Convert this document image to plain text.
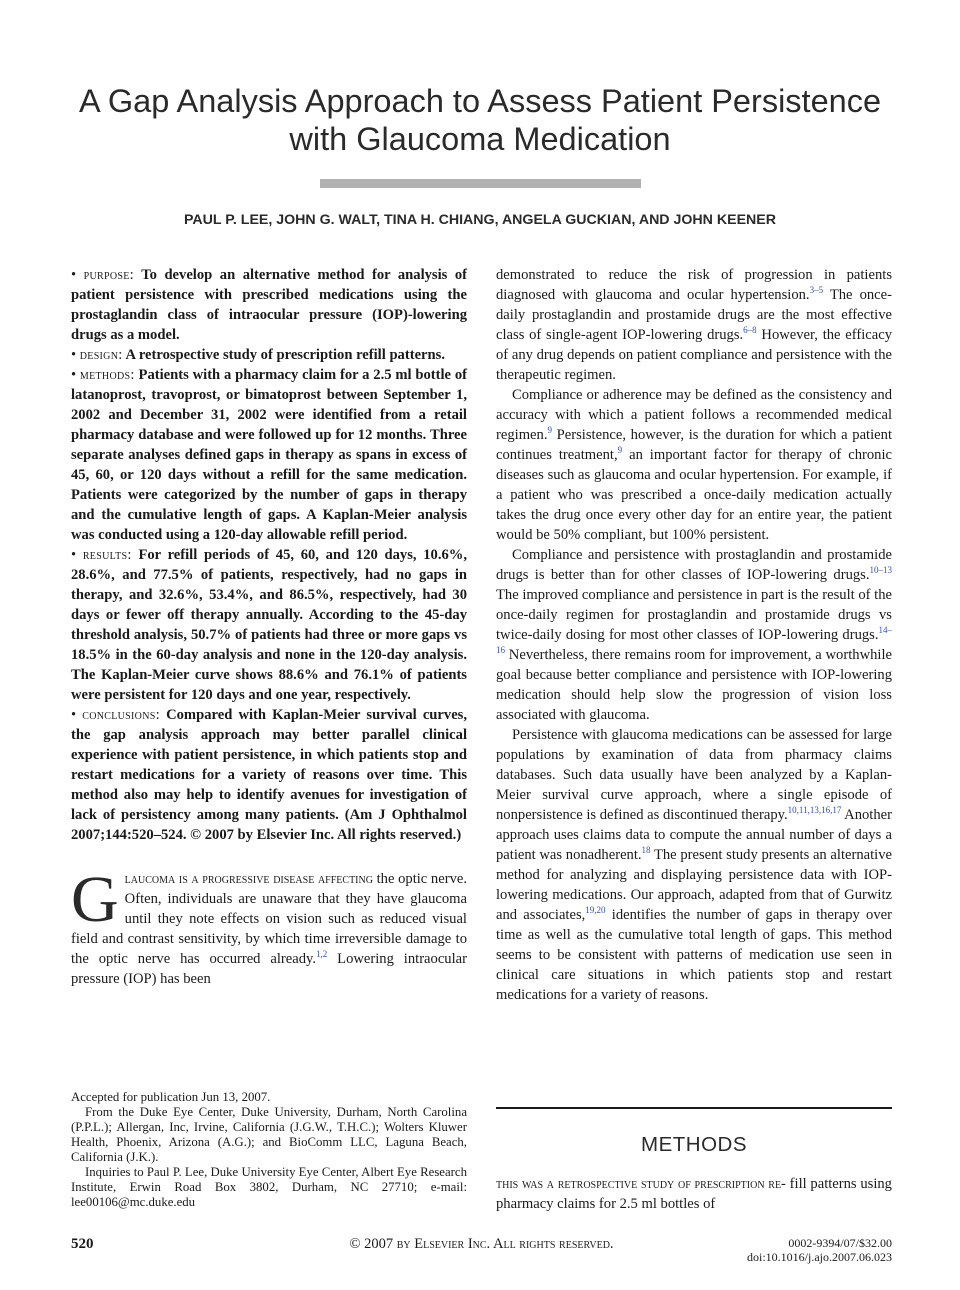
A Gap Analysis Approach to Assess Patient Persistence
with Glaucoma Medication
PAUL P. LEE, JOHN G. WALT, TINA H. CHIANG, ANGELA GUCKIAN, AND JOHN KEENER

• purpose: To develop an alternative method for analysis of patient persistence with prescribed medications using the prostaglandin class of intraocular pressure (IOP)-lowering drugs as a model.

• design: A retrospective study of prescription refill patterns.

• methods: Patients with a pharmacy claim for a 2.5 ml bottle of latanoprost, travoprost, or bimatoprost between September 1, 2002 and December 31, 2002 were identified from a retail pharmacy database and were followed up for 12 months. Three separate analyses defined gaps in therapy as spans in excess of 45, 60, or 120 days without a refill for the same medication. Patients were categorized by the number of gaps in therapy and the cumulative length of gaps. A Kaplan-Meier analysis was conducted using a 120-day allowable refill period.

• results: For refill periods of 45, 60, and 120 days, 10.6%, 28.6%, and 77.5% of patients, respectively, had no gaps in therapy, and 32.6%, 53.4%, and 86.5%, respectively, had 30 days or fewer off therapy annually. According to the 45-day threshold analysis, 50.7% of patients had three or more gaps vs 18.5% in the 60-day analysis and none in the 120-day analysis. The Kaplan-Meier curve shows 88.6% and 76.1% of patients were persistent for 120 days and one year, respectively.

• conclusions: Compared with Kaplan-Meier survival curves, the gap analysis approach may better parallel clinical experience with patient persistence, in which patients stop and restart medications for a variety of reasons over time. This method also may help to identify avenues for investigation of lack of persistency among many patients. (Am J Ophthalmol 2007;144:520–524. © 2007 by Elsevier Inc. All rights reserved.)

Glaucoma is a progressive disease affecting the optic nerve. Often, individuals are unaware that they have glaucoma until they note effects on vision such as reduced visual field and contrast sensitivity, by which time irreversible damage to the optic nerve has occurred already.$^{1,2}$ Lowering intraocular pressure (IOP) has been

demonstrated to reduce the risk of progression in patients diagnosed with glaucoma and ocular hypertension.$^{3-5}$ The once-daily prostaglandin and prostamide drugs are the most effective class of single-agent IOP-lowering drugs.$^{6-8}$ However, the efficacy of any drug depends on patient compliance and persistence with the therapeutic regimen.

Compliance or adherence may be defined as the consistency and accuracy with which a patient follows a recommended medical regimen.$^9$ Persistence, however, is the duration for which a patient continues treatment,$^9$ an important factor for therapy of chronic diseases such as glaucoma and ocular hypertension. For example, if a patient who was prescribed a once-daily medication actually takes the drug once every other day for an entire year, the patient would be 50% compliant, but 100% persistent.

Compliance and persistence with prostaglandin and prostamide drugs is better than for other classes of IOP-lowering drugs.$^{10-13}$ The improved compliance and persistence in part is the result of the once-daily regimen for prostaglandin and prostamide drugs vs twice-daily dosing for most other classes of IOP-lowering drugs.$^{14-16}$ Nevertheless, there remains room for improvement, a worthwhile goal because better compliance and persistence with IOP-lowering medication should help slow the progression of vision loss associated with glaucoma.

Persistence with glaucoma medications can be assessed for large populations by examination of data from pharmacy claims databases. Such data usually have been analyzed by a Kaplan-Meier survival curve approach, where a single episode of nonpersistence is defined as discontinued therapy.$^{10,11,13,16,17}$ Another approach uses claims data to compute the annual number of days a patient was nonadherent.$^{18}$ The present study presents an alternative method for analyzing and displaying persistence data with IOP-lowering medications. Our approach, adapted from that of Gurwitz and associates,$^{19,20}$ identifies the number of gaps in therapy over time as well as the cumulative total length of gaps. This method seems to be consistent with patterns of medication use seen in clinical care situations in which patients stop and restart medications for a variety of reasons.

Accepted for publication Jun 13, 2007.

From the Duke Eye Center, Duke University, Durham, North Carolina (P.P.L.); Allergan, Inc, Irvine, California (J.G.W., T.H.C.); Wolters Kluwer Health, Phoenix, Arizona (A.G.); and BioComm LLC, Laguna Beach, California (J.K.).

Inquiries to Paul P. Lee, Duke University Eye Center, Albert Eye Research Institute, Erwin Road Box 3802, Durham, NC 27710; e-mail: lee00106@mc.duke.edu

METHODS

this was a retrospective study of prescription re- fill patterns using pharmacy claims for 2.5 ml bottles of

520	© 2007 by Elsevier Inc. All rights reserved.	0002-9394/07/$32.00
doi:10.1016/j.ajo.2007.06.023
